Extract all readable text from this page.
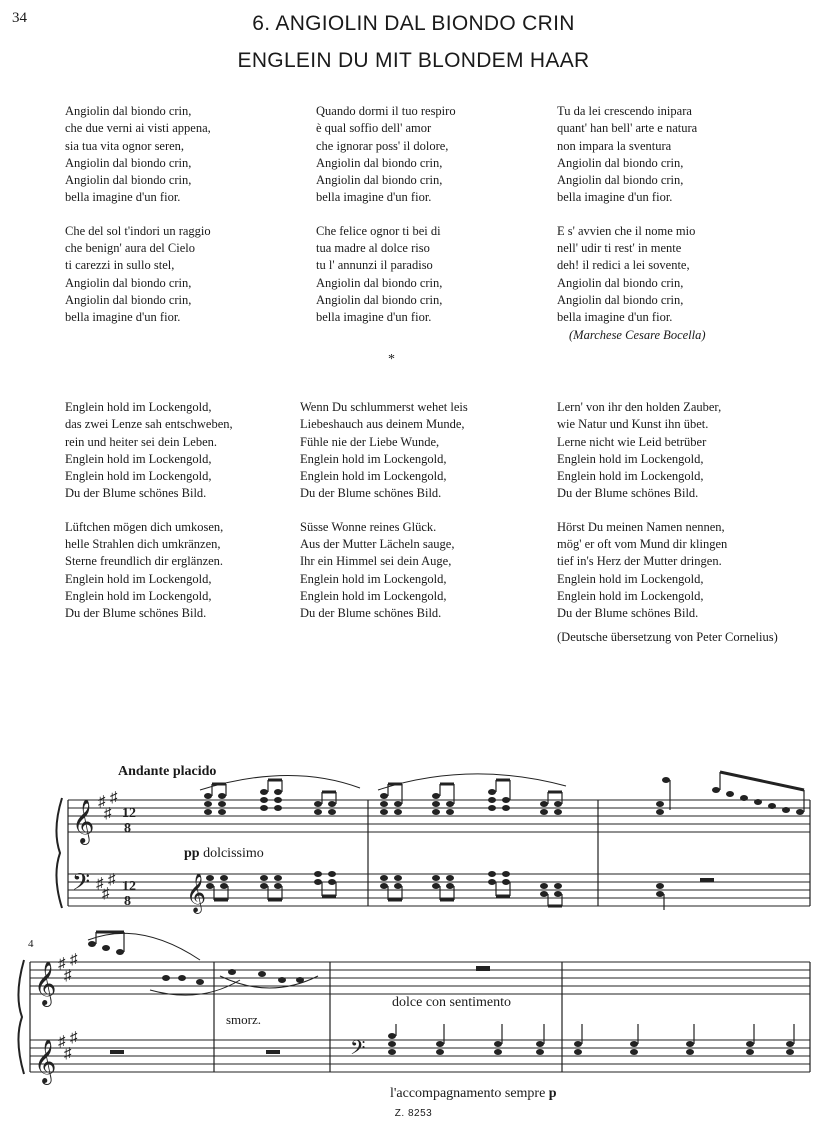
34	6. ANGIOLIN DAL BIONDO CRIN
ENGLEIN DU MIT BLONDEM HAAR
Angiolin dal biondo crin,
che due verni ai visti appena,
sia tua vita ognor seren,
Angiolin dal biondo crin,
Angiolin dal biondo crin,
bella imagine d'un fior.
Che del sol t'indori un raggio
che benign' aura del Cielo
ti carezzi in sullo stel,
Angiolin dal biondo crin,
Angiolin dal biondo crin,
bella imagine d'un fior.
Quando dormi il tuo respiro
è qual soffio dell' amor
che ignorar poss' il dolore,
Angiolin dal biondo crin,
Angiolin dal biondo crin,
bella imagine d'un fior.
Che felice ognor ti bei di
tua madre al dolce riso
tu l' annunzi il paradiso
Angiolin dal biondo crin,
Angiolin dal biondo crin,
bella imagine d'un fior.
Tu da lei crescendo inipara
quant' han bell' arte e natura
non impara la sventura
Angiolin dal biondo crin,
Angiolin dal biondo crin,
bella imagine d'un fior.
E s' avvien che il nome mio
nell' udir ti rest' in mente
deh! il redici a lei sovente,
Angiolin dal biondo crin,
Angiolin dal biondo crin,
bella imagine d'un fior.
(Marchese Cesare Bocella)
*
Englein hold im Lockengold,
das zwei Lenze sah entschweben,
rein und heiter sei dein Leben.
Englein hold im Lockengold,
Englein hold im Lockengold,
Du der Blume schönes Bild.
Lüftchen mögen dich umkosen,
helle Strahlen dich umkränzen,
Sterne freundlich dir erglänzen.
Englein hold im Lockengold,
Englein hold im Lockengold,
Du der Blume schönes Bild.
Wenn Du schlummerst wehet leis
Liebeshauch aus deinem Munde,
Fühle nie der Liebe Wunde,
Englein hold im Lockengold,
Englein hold im Lockengold,
Du der Blume schönes Bild.
Süsse Wonne reines Glück.
Aus der Mutter Lächeln sauge,
Ihr ein Himmel sei dein Auge,
Englein hold im Lockengold,
Englein hold im Lockengold,
Du der Blume schönes Bild.
Lern' von ihr den holden Zauber,
wie Natur und Kunst ihn übet.
Lerne nicht wie Leid betrüber
Englein hold im Lockengold,
Englein hold im Lockengold,
Du der Blume schönes Bild.
Hörst Du meinen Namen nennen,
mög' er oft vom Mund dir klingen
tief in's Herz der Mutter dringen.
Englein hold im Lockengold,
Englein hold im Lockengold,
Du der Blume schönes Bild.
(Deutsche übersetzung von Peter Cornelius)
𝄞
𝄢	𝄞
𝄞
𝄞	𝄢
♯
♯
♯
♯
♯
♯
♯
♯
♯
♯
♯
♯
12
8
12
8
Andante placido
pp dolcissimo
4
smorz.
dolce con sentimento
l'accompagnamento sempre p
Z. 8253
